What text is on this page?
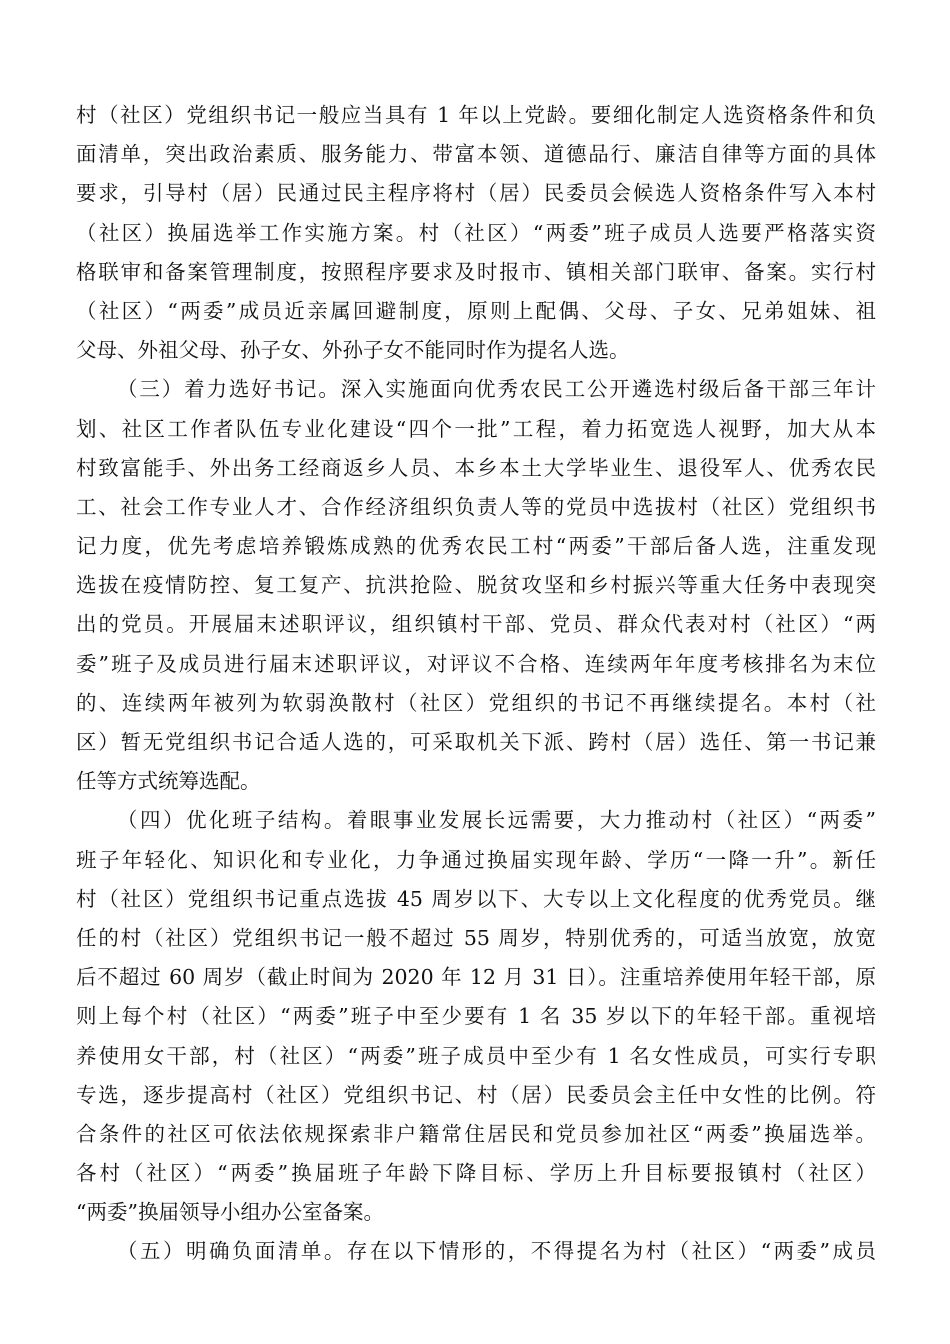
村（社区）党组织书记一般应当具有 1 年以上党龄。要细化制定人选资格条件和负
面清单，突出政治素质、服务能力、带富本领、道德品行、廉洁自律等方面的具体
要求，引导村（居）民通过民主程序将村（居）民委员会候选人资格条件写入本村
（社区）换届选举工作实施方案。村（社区）“两委”班子成员人选要严格落实资
格联审和备案管理制度，按照程序要求及时报市、镇相关部门联审、备案。实行村
（社区）“两委”成员近亲属回避制度，原则上配偶、父母、子女、兄弟姐妹、祖
父母、外祖父母、孙子女、外孙子女不能同时作为提名人选。
（三）着力选好书记。深入实施面向优秀农民工公开遴选村级后备干部三年计
划、社区工作者队伍专业化建设“四个一批”工程，着力拓宽选人视野，加大从本
村致富能手、外出务工经商返乡人员、本乡本土大学毕业生、退役军人、优秀农民
工、社会工作专业人才、合作经济组织负责人等的党员中选拔村（社区）党组织书
记力度，优先考虑培养锻炼成熟的优秀农民工村“两委”干部后备人选，注重发现
选拔在疫情防控、复工复产、抗洪抢险、脱贫攻坚和乡村振兴等重大任务中表现突
出的党员。开展届末述职评议，组织镇村干部、党员、群众代表对村（社区）“两
委”班子及成员进行届末述职评议，对评议不合格、连续两年年度考核排名为末位
的、连续两年被列为软弱涣散村（社区）党组织的书记不再继续提名。本村（社
区）暂无党组织书记合适人选的，可采取机关下派、跨村（居）选任、第一书记兼
任等方式统筹选配。
（四）优化班子结构。着眼事业发展长远需要，大力推动村（社区）“两委”
班子年轻化、知识化和专业化，力争通过换届实现年龄、学历“一降一升”。新任
村（社区）党组织书记重点选拔 45 周岁以下、大专以上文化程度的优秀党员。继
任的村（社区）党组织书记一般不超过 55 周岁，特别优秀的，可适当放宽，放宽
后不超过 60 周岁（截止时间为 2020 年 12 月 31 日）。注重培养使用年轻干部，原
则上每个村（社区）“两委”班子中至少要有 1 名 35 岁以下的年轻干部。重视培
养使用女干部，村（社区）“两委”班子成员中至少有 1 名女性成员，可实行专职
专选，逐步提高村（社区）党组织书记、村（居）民委员会主任中女性的比例。符
合条件的社区可依法依规探索非户籍常住居民和党员参加社区“两委”换届选举。
各村（社区）“两委”换届班子年龄下降目标、学历上升目标要报镇村（社区）
“两委”换届领导小组办公室备案。
（五）明确负面清单。存在以下情形的，不得提名为村（社区）“两委”成员
